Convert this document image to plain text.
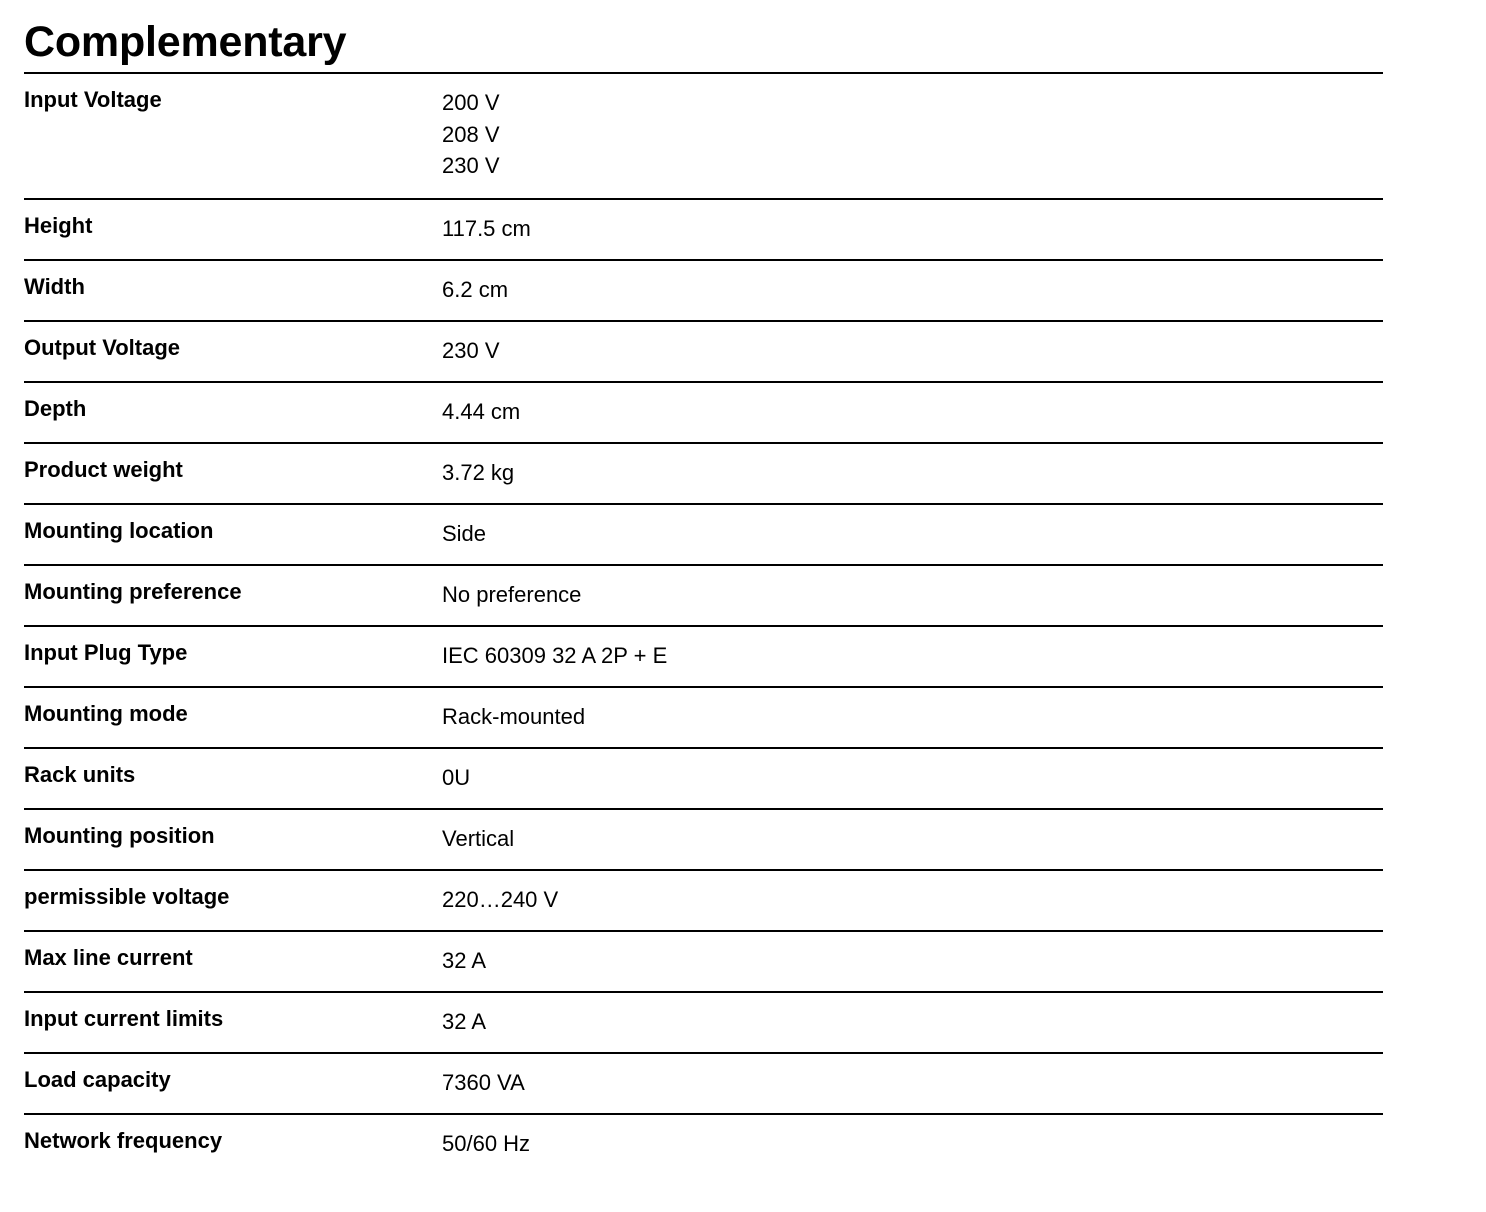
Complementary
Input Voltage	200 V
208 V
230 V

Height	117.5 cm
Width	6.2 cm
Output Voltage	230 V
Depth	4.44 cm
Product weight	3.72 kg
Mounting location	Side
Mounting preference	No preference
Input Plug Type	IEC 60309 32 A 2P + E
Mounting mode	Rack-mounted
Rack units	0U
Mounting position	Vertical
permissible voltage	220…240 V
Max line current	32 A
Input current limits	32 A
Load capacity	7360 VA
Network frequency	50/60 Hz
